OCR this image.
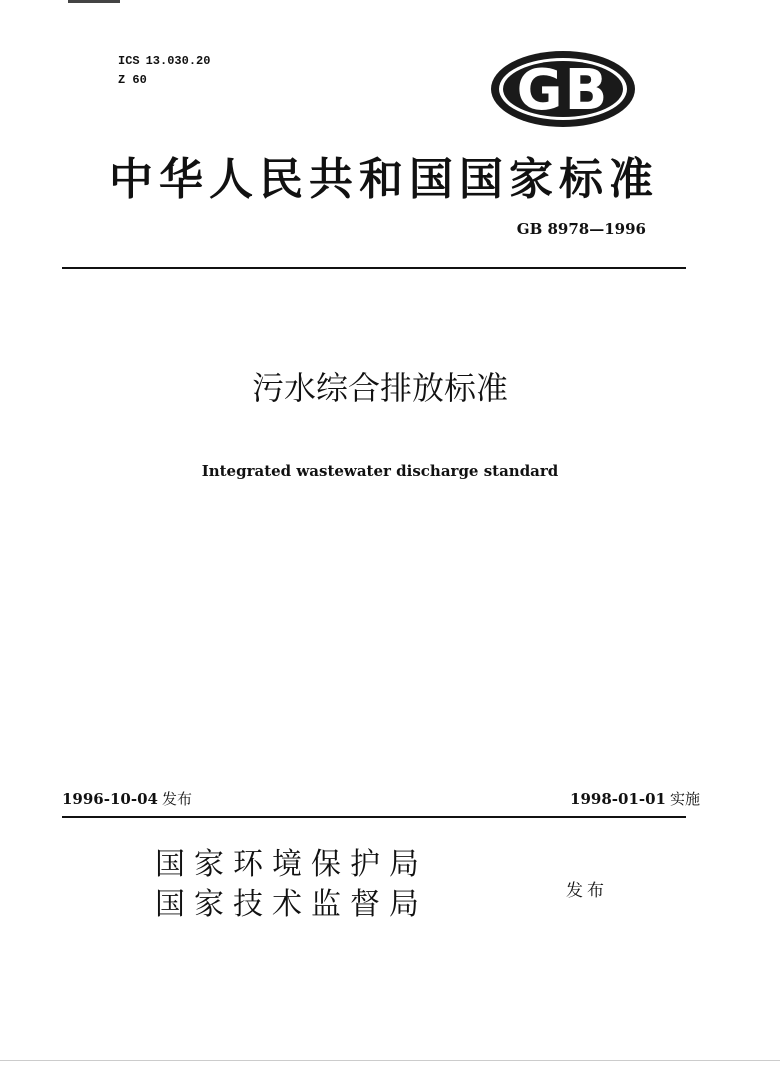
ICS 13.030.20
Z 60	GB
中华人民共和国国家标准
GB 8978—1996
污水综合排放标准
Integrated wastewater discharge standard
1996-10-04 发布	1998-01-01 实施
国家环境保护局
国家技术监督局	发布
